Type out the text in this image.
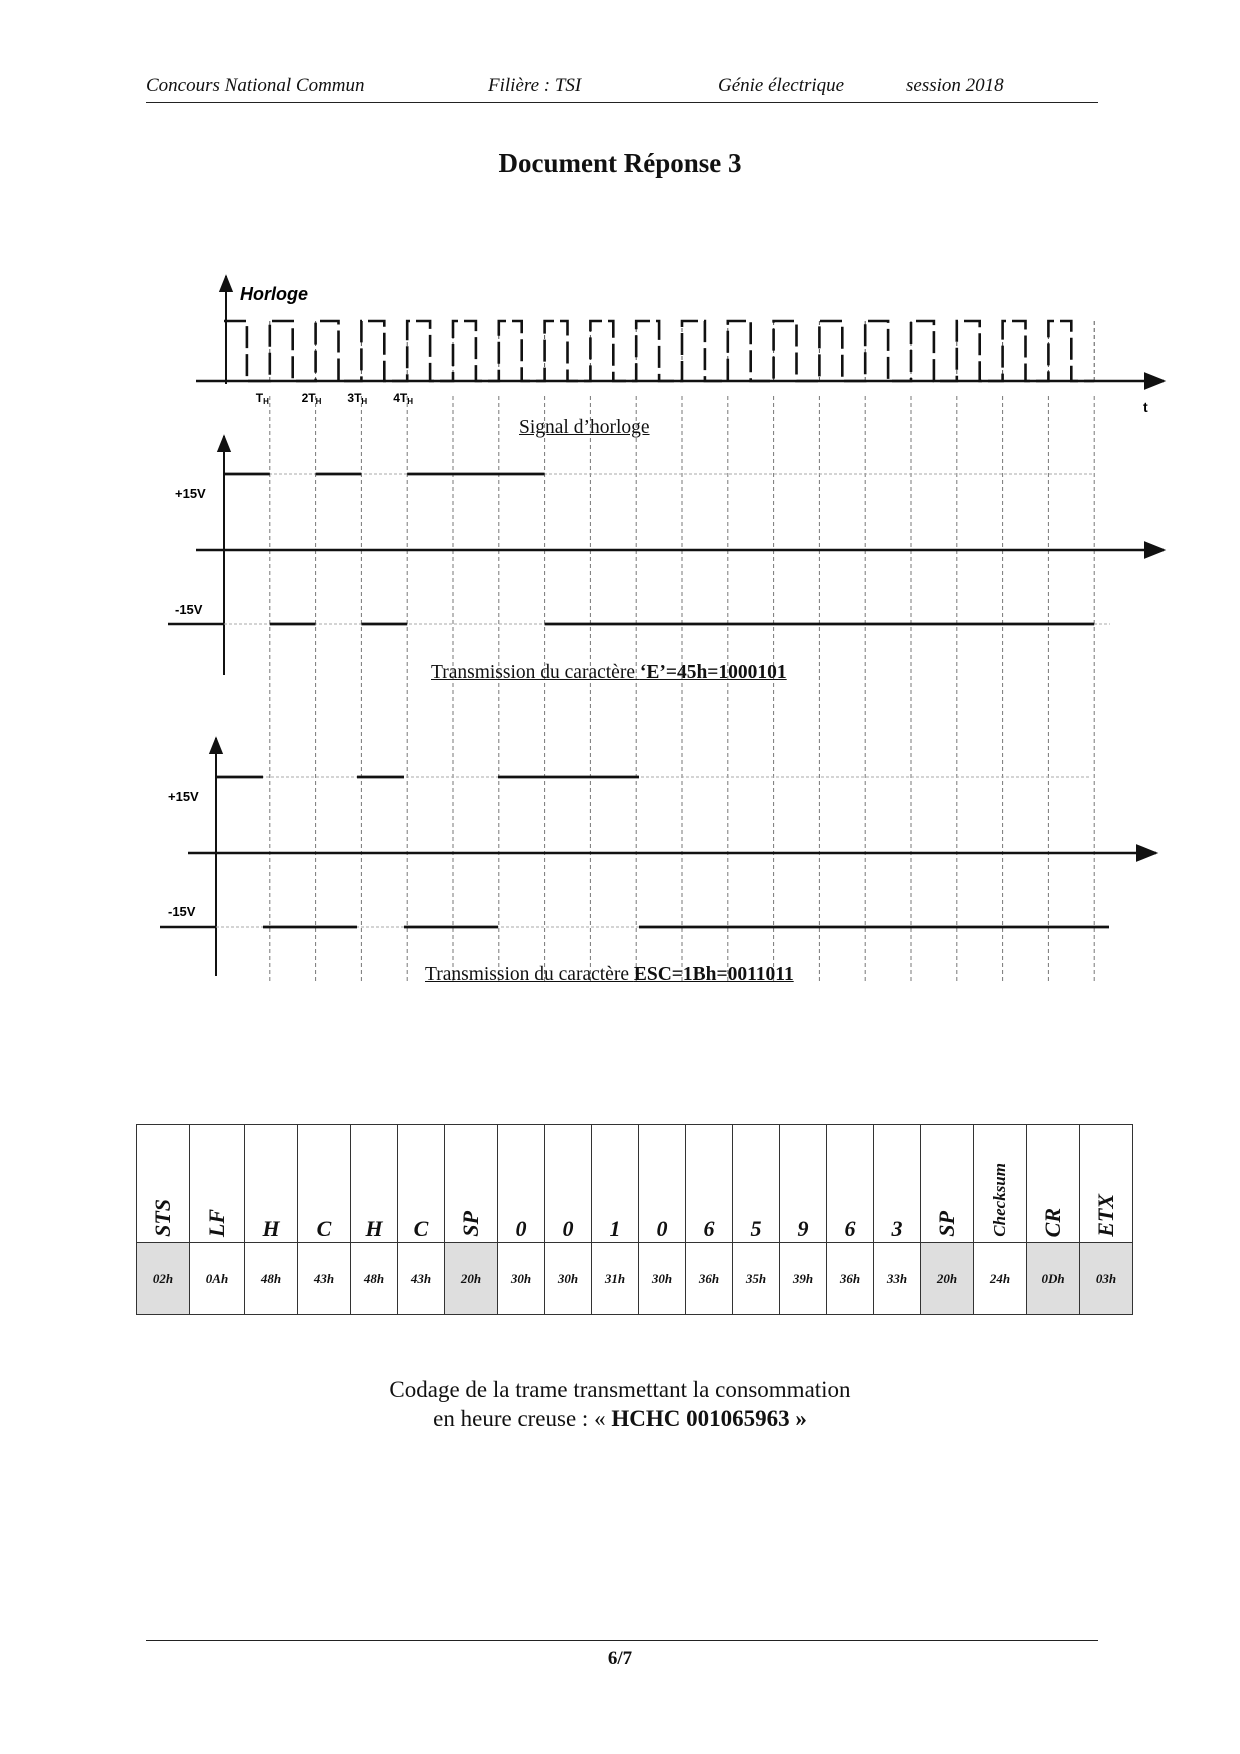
Concours National Commun	Filière : TSI	Génie électrique	session 2018
Document Réponse 3
Horloge
t
TH	2TH 3TH 4TH
+15V
-15V
+15V
-15V
Signal d’horloge
Transmission du caractère ‘E’=45h=1000101
Transmission du caractère ESC=1Bh=0011011
STS	LF	H	C	H	C	SP	0	0	1	0	6	5	9	6	3	SP	Checksum	CR	ETX
02h	0Ah	48h	43h	48h	43h	20h	30h	30h	31h	30h	36h	35h	39h	36h	33h	20h	24h	0Dh	03h
Codage de la trame transmettant la consommation
en heure creuse : « HCHC 001065963 »
6/7
